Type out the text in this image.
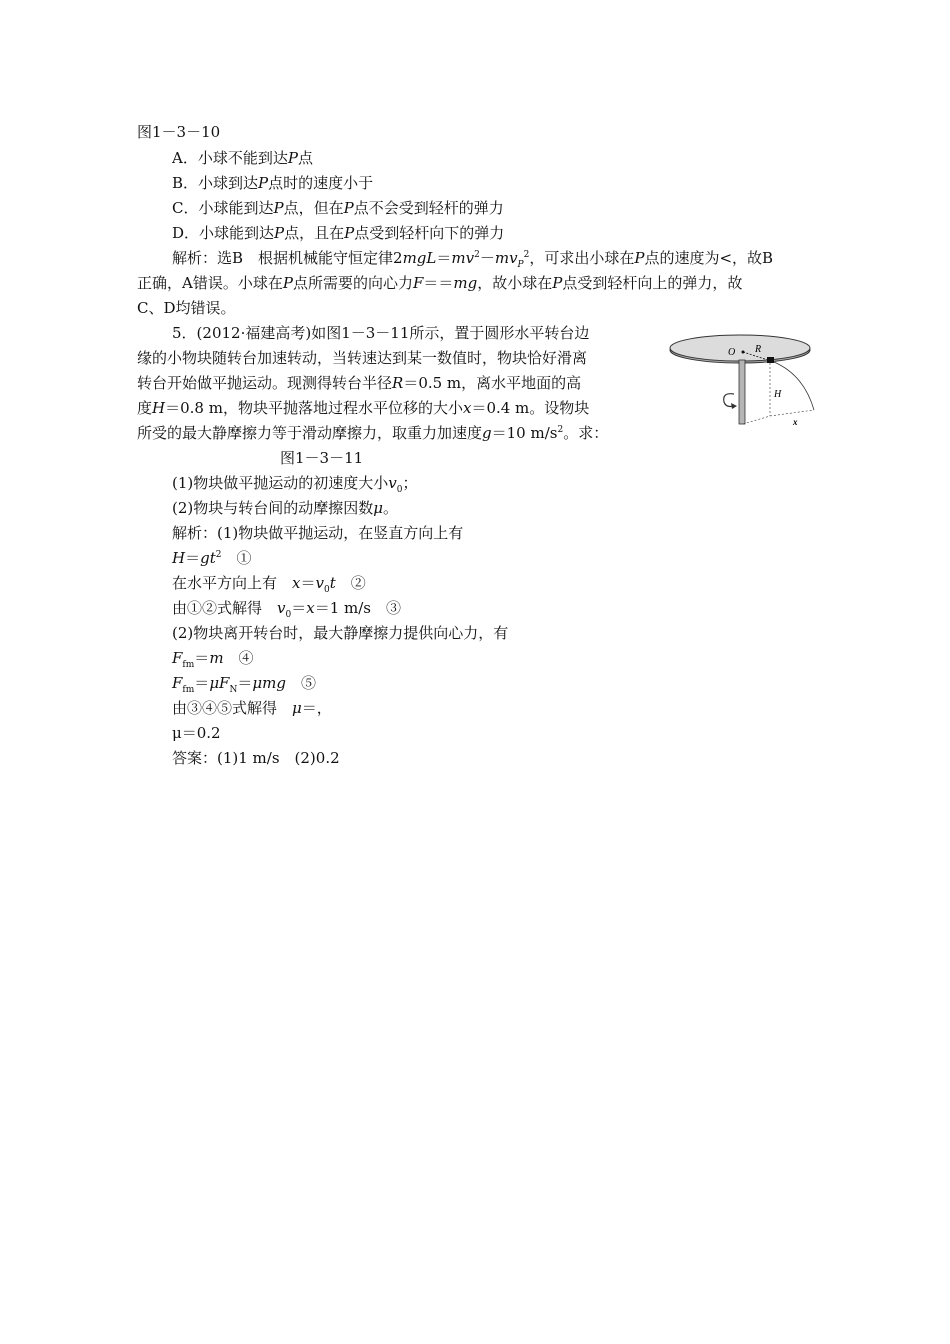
图1－3－10
A．小球不能到达P点
B．小球到达P点时的速度小于
C．小球能到达P点，但在P点不会受到轻杆的弹力
D．小球能到达P点，且在P点受到轻杆向下的弹力
解析：选B　根据机械能守恒定律$2mgL=mv^2-mv_P^2$，可求出小球在P点的速度为<，故B
正确，A错误。小球在P点所需要的向心力F＝＝mg，故小球在P点受到轻杆向上的弹力，故
C、D均错误。
5．(2012·福建高考)如图1－3－11所示，置于圆形水平转台边
缘的小物块随转台加速转动，当转速达到某一数值时，物块恰好滑离
转台开始做平抛运动。现测得转台半径R＝0.5 m，离水平地面的高
度H＝0.8 m，物块平抛落地过程水平位移的大小x＝0.4 m。设物块
所受的最大静摩擦力等于滑动摩擦力，取重力加速度g＝10 $m/s^2$。求：
图1－3－11
(1)物块做平抛运动的初速度大小$v_0$；
(2)物块与转台间的动摩擦因数μ。
解析：(1)物块做平抛运动，在竖直方向上有
$H=gt^2$　①
在水平方向上有　$x=v_0t$　②
由①②式解得　$v_0=x=1$ m/s　③
(2)物块离开转台时，最大静摩擦力提供向心力，有
$F_{fm}=m$　④
$F_{fm}=\mu F_N=\mu mg$　⑤
由③④⑤式解得　μ＝，
μ＝0.2
答案：(1)1 m/s　(2)0.2
O R
H
x
